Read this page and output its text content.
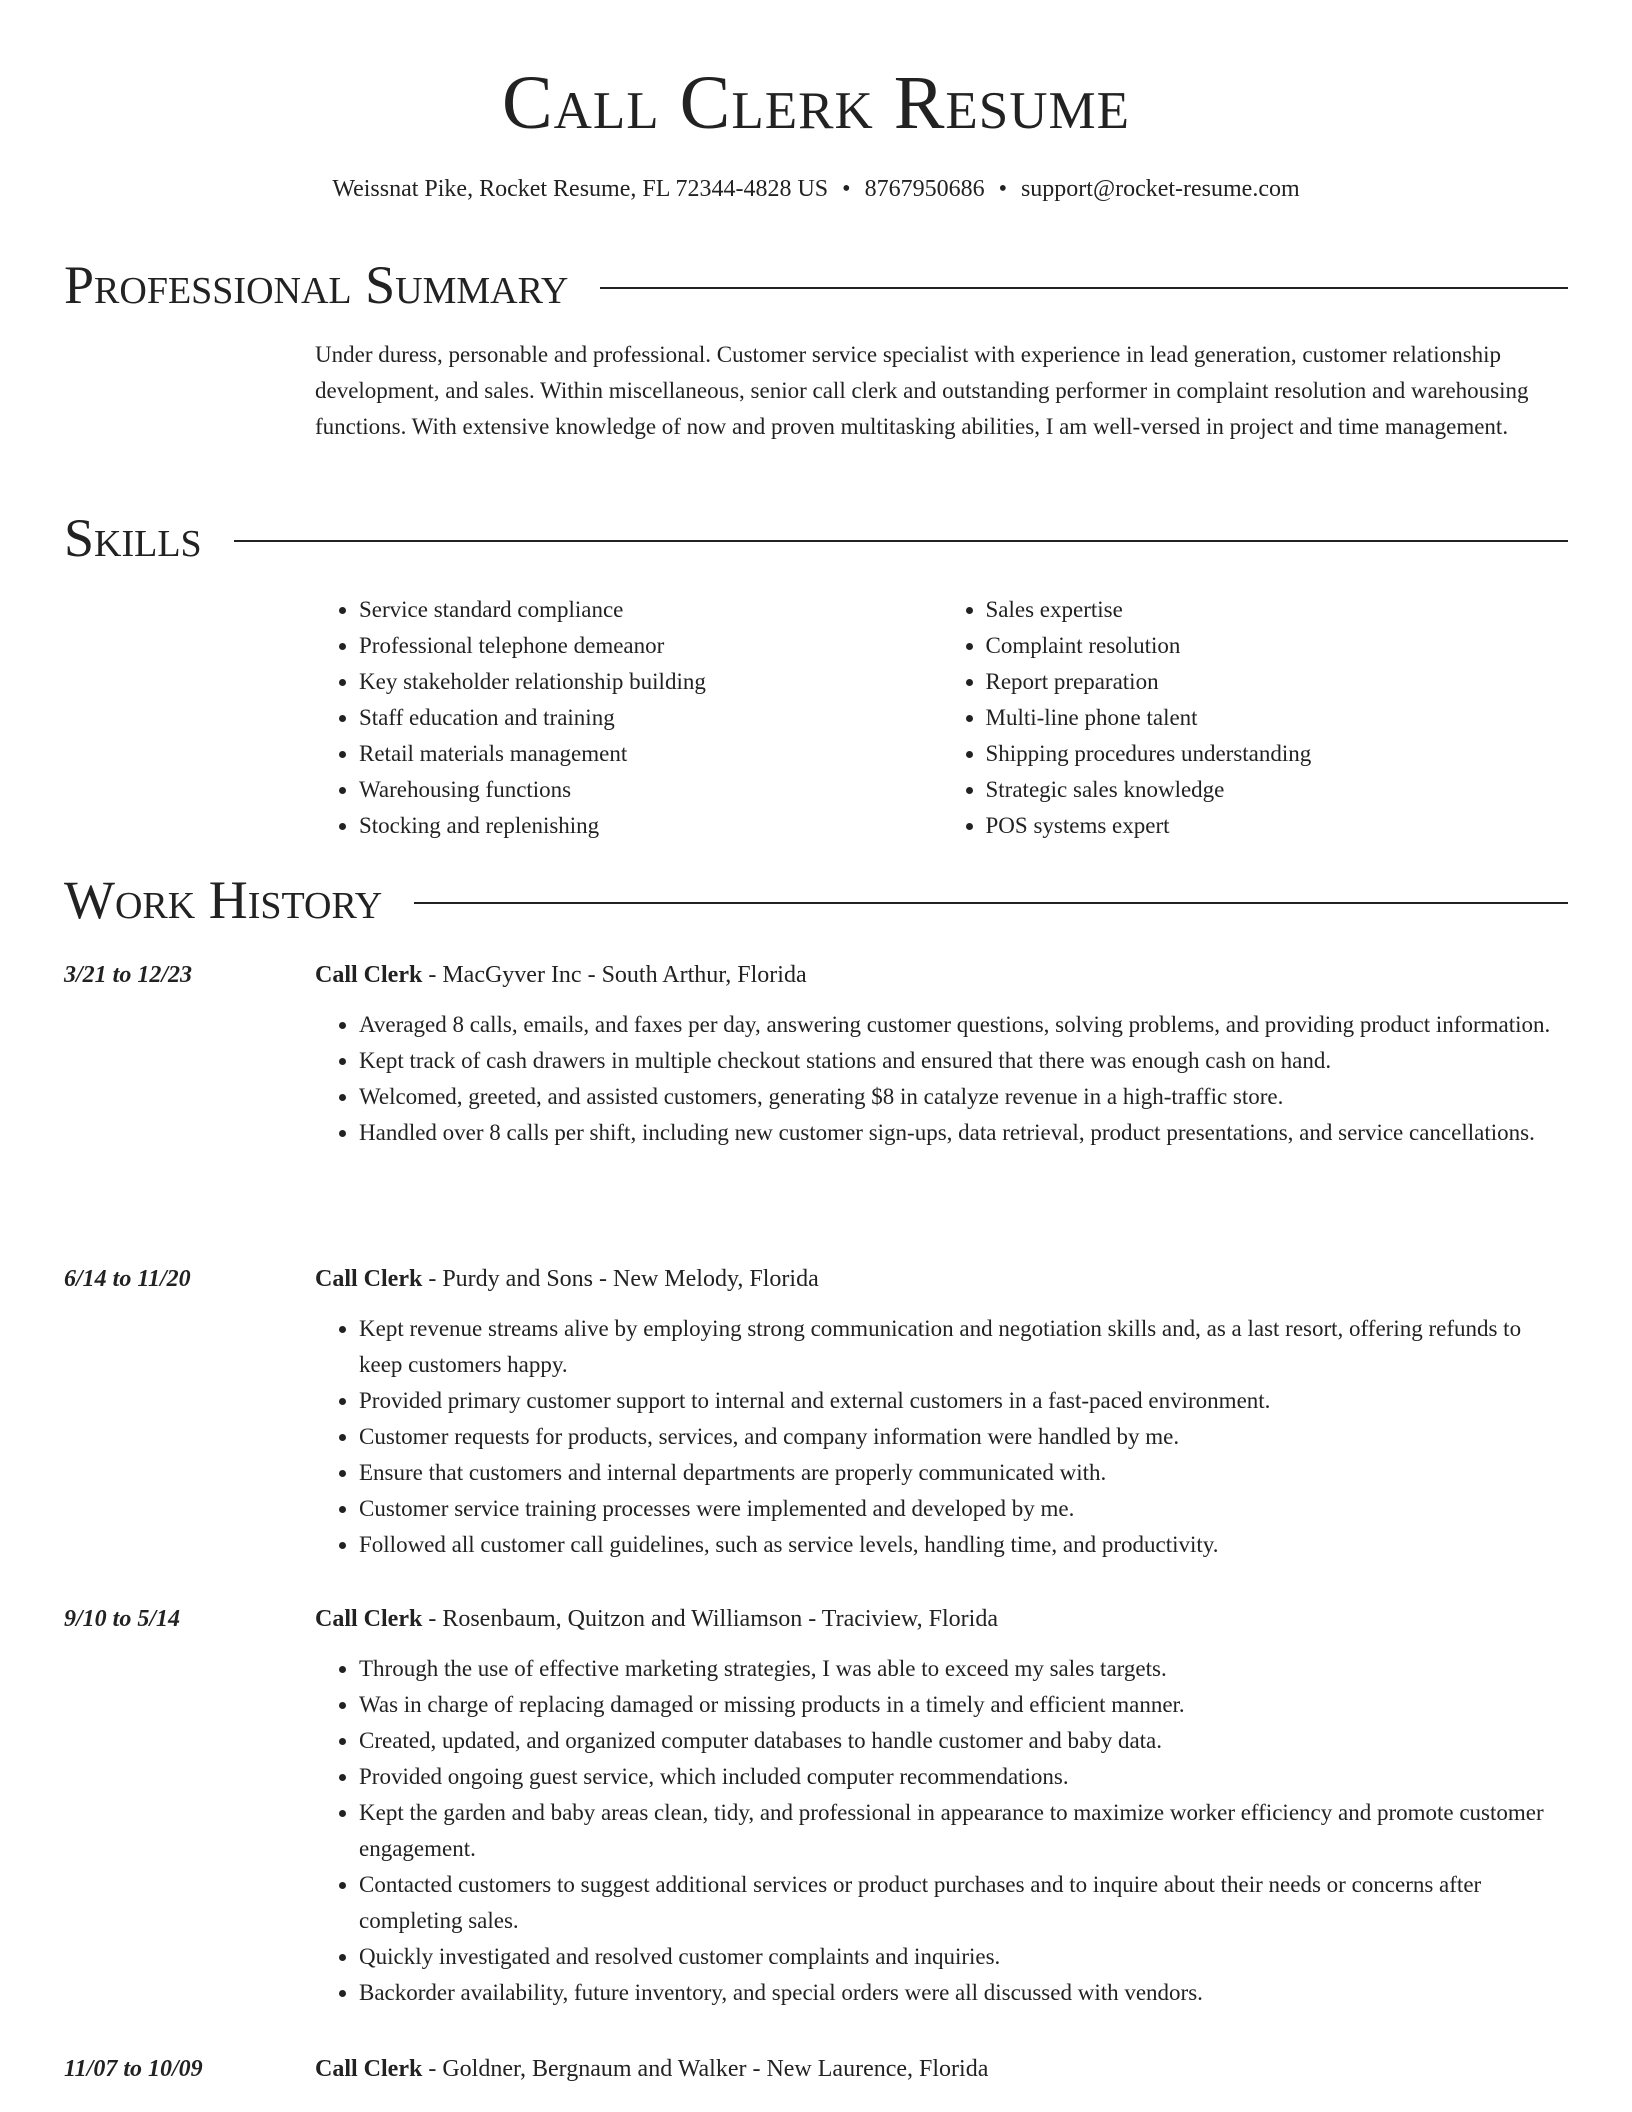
Call Clerk Resume
Weissnat Pike, Rocket Resume, FL 72344-4828 US • 8767950686 • support@rocket-resume.com
Professional Summary

Under duress, personable and professional. Customer service specialist with experience in lead generation, customer relationship development, and sales. Within miscellaneous, senior call clerk and outstanding performer in complaint resolution and warehousing functions. With extensive knowledge of now and proven multitasking abilities, I am well-versed in project and time management.

Skills
• Service standard compliance
• Professional telephone demeanor
• Key stakeholder relationship building
• Staff education and training
• Retail materials management
• Warehousing functions
• Stocking and replenishing
• Sales expertise
• Complaint resolution
• Report preparation
• Multi-line phone talent
• Shipping procedures understanding
• Strategic sales knowledge
• POS systems expert
Work History
3/21 to 12/23	Call Clerk - MacGyver Inc - South Arthur, Florida
• Averaged 8 calls, emails, and faxes per day, answering customer questions, solving problems, and providing product information.
• Kept track of cash drawers in multiple checkout stations and ensured that there was enough cash on hand.
• Welcomed, greeted, and assisted customers, generating $8 in catalyze revenue in a high-traffic store.
• Handled over 8 calls per shift, including new customer sign-ups, data retrieval, product presentations, and service cancellations.
6/14 to 11/20	Call Clerk - Purdy and Sons - New Melody, Florida
• Kept revenue streams alive by employing strong communication and negotiation skills and, as a last resort, offering refunds to keep customers happy.
• Provided primary customer support to internal and external customers in a fast-paced environment.
• Customer requests for products, services, and company information were handled by me.
• Ensure that customers and internal departments are properly communicated with.
• Customer service training processes were implemented and developed by me.
• Followed all customer call guidelines, such as service levels, handling time, and productivity.
9/10 to 5/14	Call Clerk - Rosenbaum, Quitzon and Williamson - Traciview, Florida
• Through the use of effective marketing strategies, I was able to exceed my sales targets.
• Was in charge of replacing damaged or missing products in a timely and efficient manner.
• Created, updated, and organized computer databases to handle customer and baby data.
• Provided ongoing guest service, which included computer recommendations.
• Kept the garden and baby areas clean, tidy, and professional in appearance to maximize worker efficiency and promote customer engagement.
• Contacted customers to suggest additional services or product purchases and to inquire about their needs or concerns after completing sales.
• Quickly investigated and resolved customer complaints and inquiries.
• Backorder availability, future inventory, and special orders were all discussed with vendors.
11/07 to 10/09	Call Clerk - Goldner, Bergnaum and Walker - New Laurence, Florida
